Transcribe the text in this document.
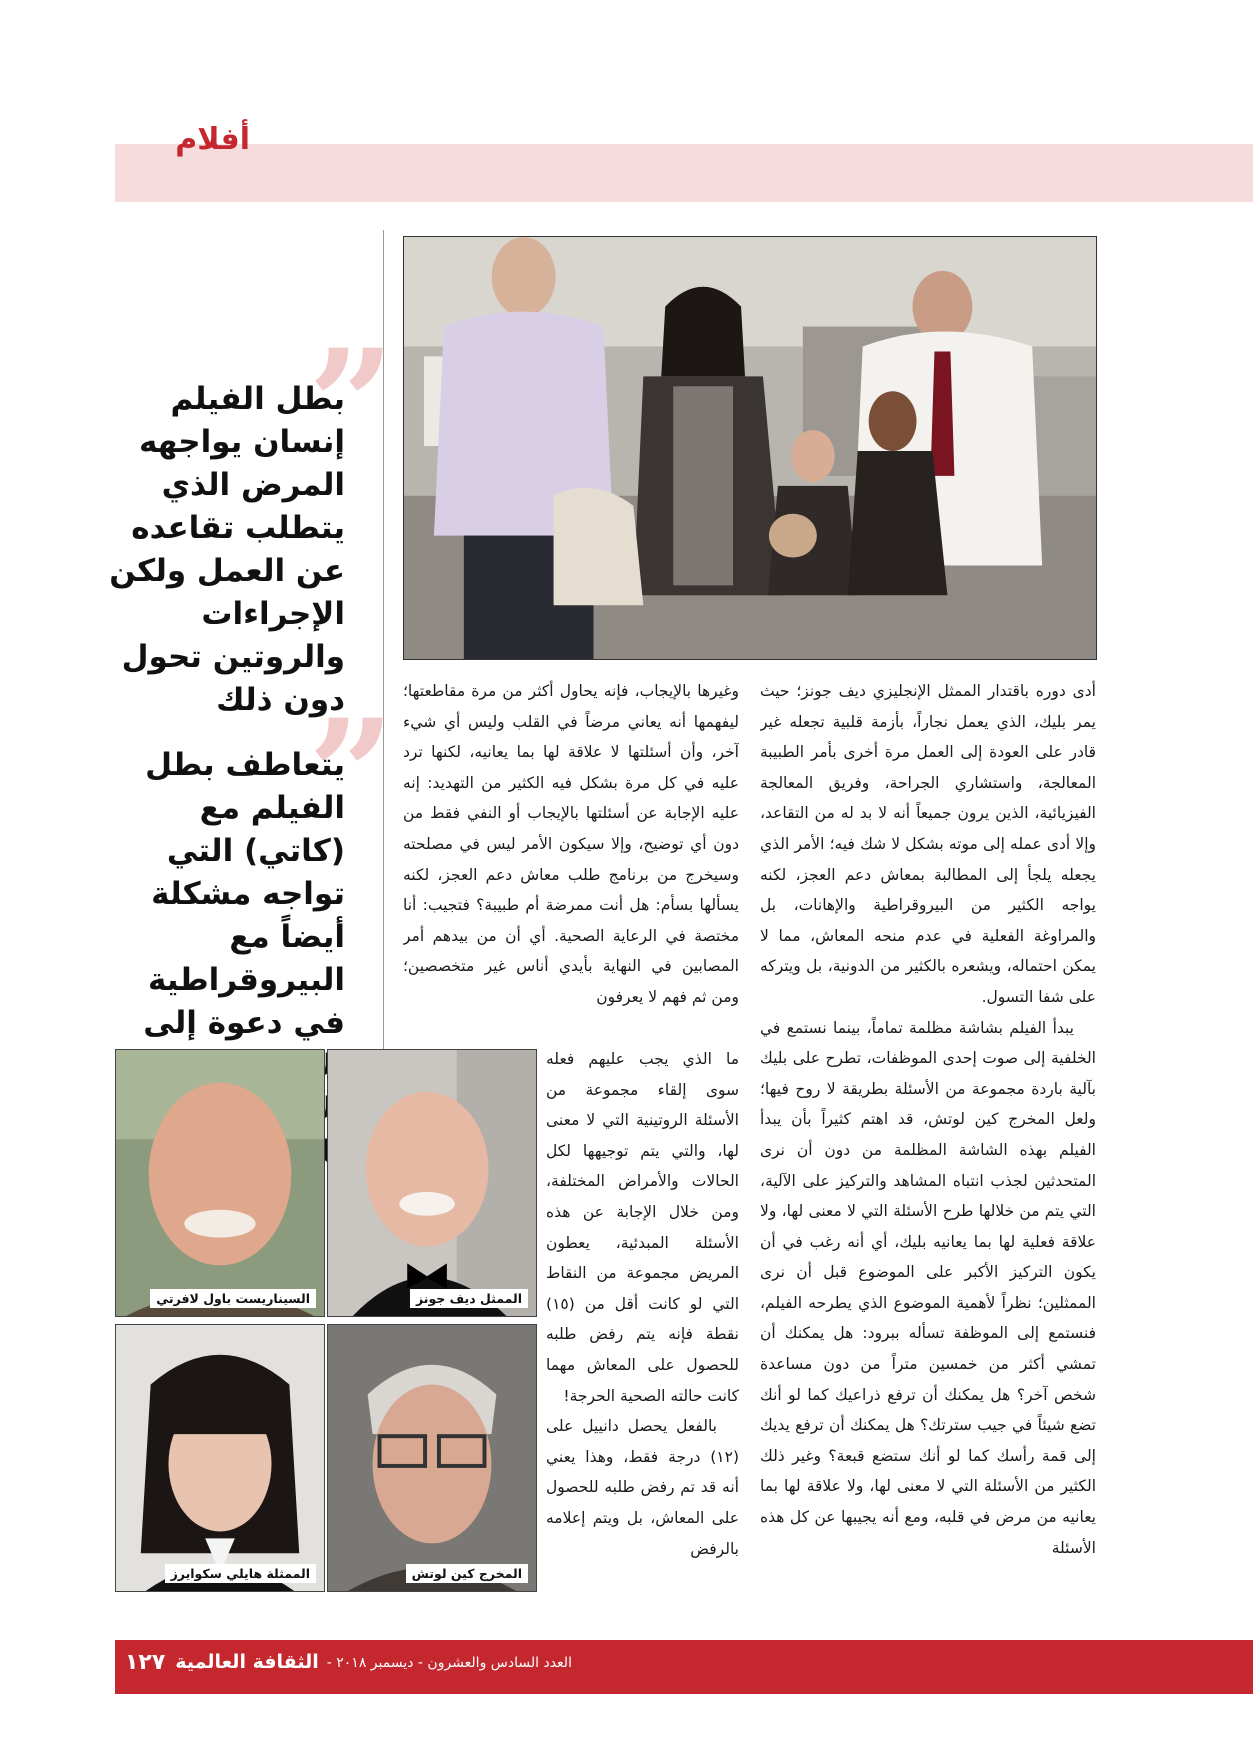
أفلام
”
بطل الفيلم إنسان يواجهه المرض الذي يتطلب تقاعده عن العمل ولكن الإجراءات والروتين تحول دون ذلك
”
يتعاطف بطل الفيلم مع (كاتي) التي تواجه مشكلة أيضاً مع البيروقراطية في دعوة إلى

أدى دوره باقتدار الممثل الإنجليزي ديف جونز؛ حيث يمر بليك، الذي يعمل نجاراً، بأزمة قلبية تجعله غير قادر على العودة إلى العمل مرة أخرى بأمر الطبيبة المعالجة، واستشاري الجراحة، وفريق المعالجة الفيزيائية، الذين يرون جميعاً أنه لا بد له من التقاعد، وإلا أدى عمله إلى موته بشكل لا شك فيه؛ الأمر الذي يجعله يلجأ إلى المطالبة بمعاش دعم العجز، لكنه يواجه الكثير من البيروقراطية والإهانات، بل والمراوغة الفعلية في عدم منحه المعاش، مما لا يمكن احتماله، ويشعره بالكثير من الدونية، بل ويتركه على شفا التسول.

يبدأ الفيلم بشاشة مظلمة تماماً، بينما نستمع في الخلفية إلى صوت إحدى الموظفات، تطرح على بليك بآلية باردة مجموعة من الأسئلة بطريقة لا روح فيها؛ ولعل المخرج كين لوتش، قد اهتم كثيراً بأن يبدأ الفيلم بهذه الشاشة المظلمة من دون أن نرى المتحدثين لجذب انتباه المشاهد والتركيز على الآلية، التي يتم من خلالها طرح الأسئلة التي لا معنى لها، ولا علاقة فعلية لها بما يعانيه بليك، أي أنه رغب في أن يكون التركيز الأكبر على الموضوع قبل أن نرى الممثلين؛ نظراً لأهمية الموضوع الذي يطرحه الفيلم، فنستمع إلى الموظفة تسأله ببرود: هل يمكنك أن تمشي أكثر من خمسين متراً من دون مساعدة شخص آخر؟ هل يمكنك أن ترفع ذراعيك كما لو أنك تضع شيئاً في جيب سترتك؟ هل يمكنك أن ترفع يديك إلى قمة رأسك كما لو أنك ستضع قبعة؟ وغير ذلك الكثير من الأسئلة التي لا معنى لها، ولا علاقة لها بما يعانيه من مرض في قلبه، ومع أنه يجيبها عن كل هذه الأسئلة

وغيرها بالإيجاب، فإنه يحاول أكثر من مرة مقاطعتها؛ ليفهمها أنه يعاني مرضاً في القلب وليس أي شيء آخر، وأن أسئلتها لا علاقة لها بما يعانيه، لكنها ترد عليه في كل مرة بشكل فيه الكثير من التهديد: إنه عليه الإجابة عن أسئلتها بالإيجاب أو النفي فقط من دون أي توضيح، وإلا سيكون الأمر ليس في مصلحته وسيخرج من برنامج طلب معاش دعم العجز، لكنه يسألها بسأم: هل أنت ممرضة أم طبيبة؟ فتجيب: أنا مختصة في الرعاية الصحية. أي أن من بيدهم أمر المصابين في النهاية بأيدي أناس غير متخصصين؛ ومن ثم فهم لا يعرفون

ما الذي يجب عليهم فعله سوى إلقاء مجموعة من الأسئلة الروتينية التي لا معنى لها، والتي يتم توجيهها لكل الحالات والأمراض المختلفة، ومن خلال الإجابة عن هذه الأسئلة المبدئية، يعطون المريض مجموعة من النقاط التي لو كانت أقل من (١٥) نقطة فإنه يتم رفض طلبه للحصول على المعاش مهما كانت حالته الصحية الحرجة!

بالفعل يحصل دانييل على (١٢) درجة فقط، وهذا يعني أنه قد تم رفض طلبه للحصول على المعاش، بل ويتم إعلامه بالرفض

الممثل ديف جونز
السيناريست باول لافرتي
المخرج كين لوتش
الممثلة هايلي سكوايرز
العدد السادس والعشرون - ديسمبر ٢٠١٨ -
الثقافة العالمية
١٢٧
